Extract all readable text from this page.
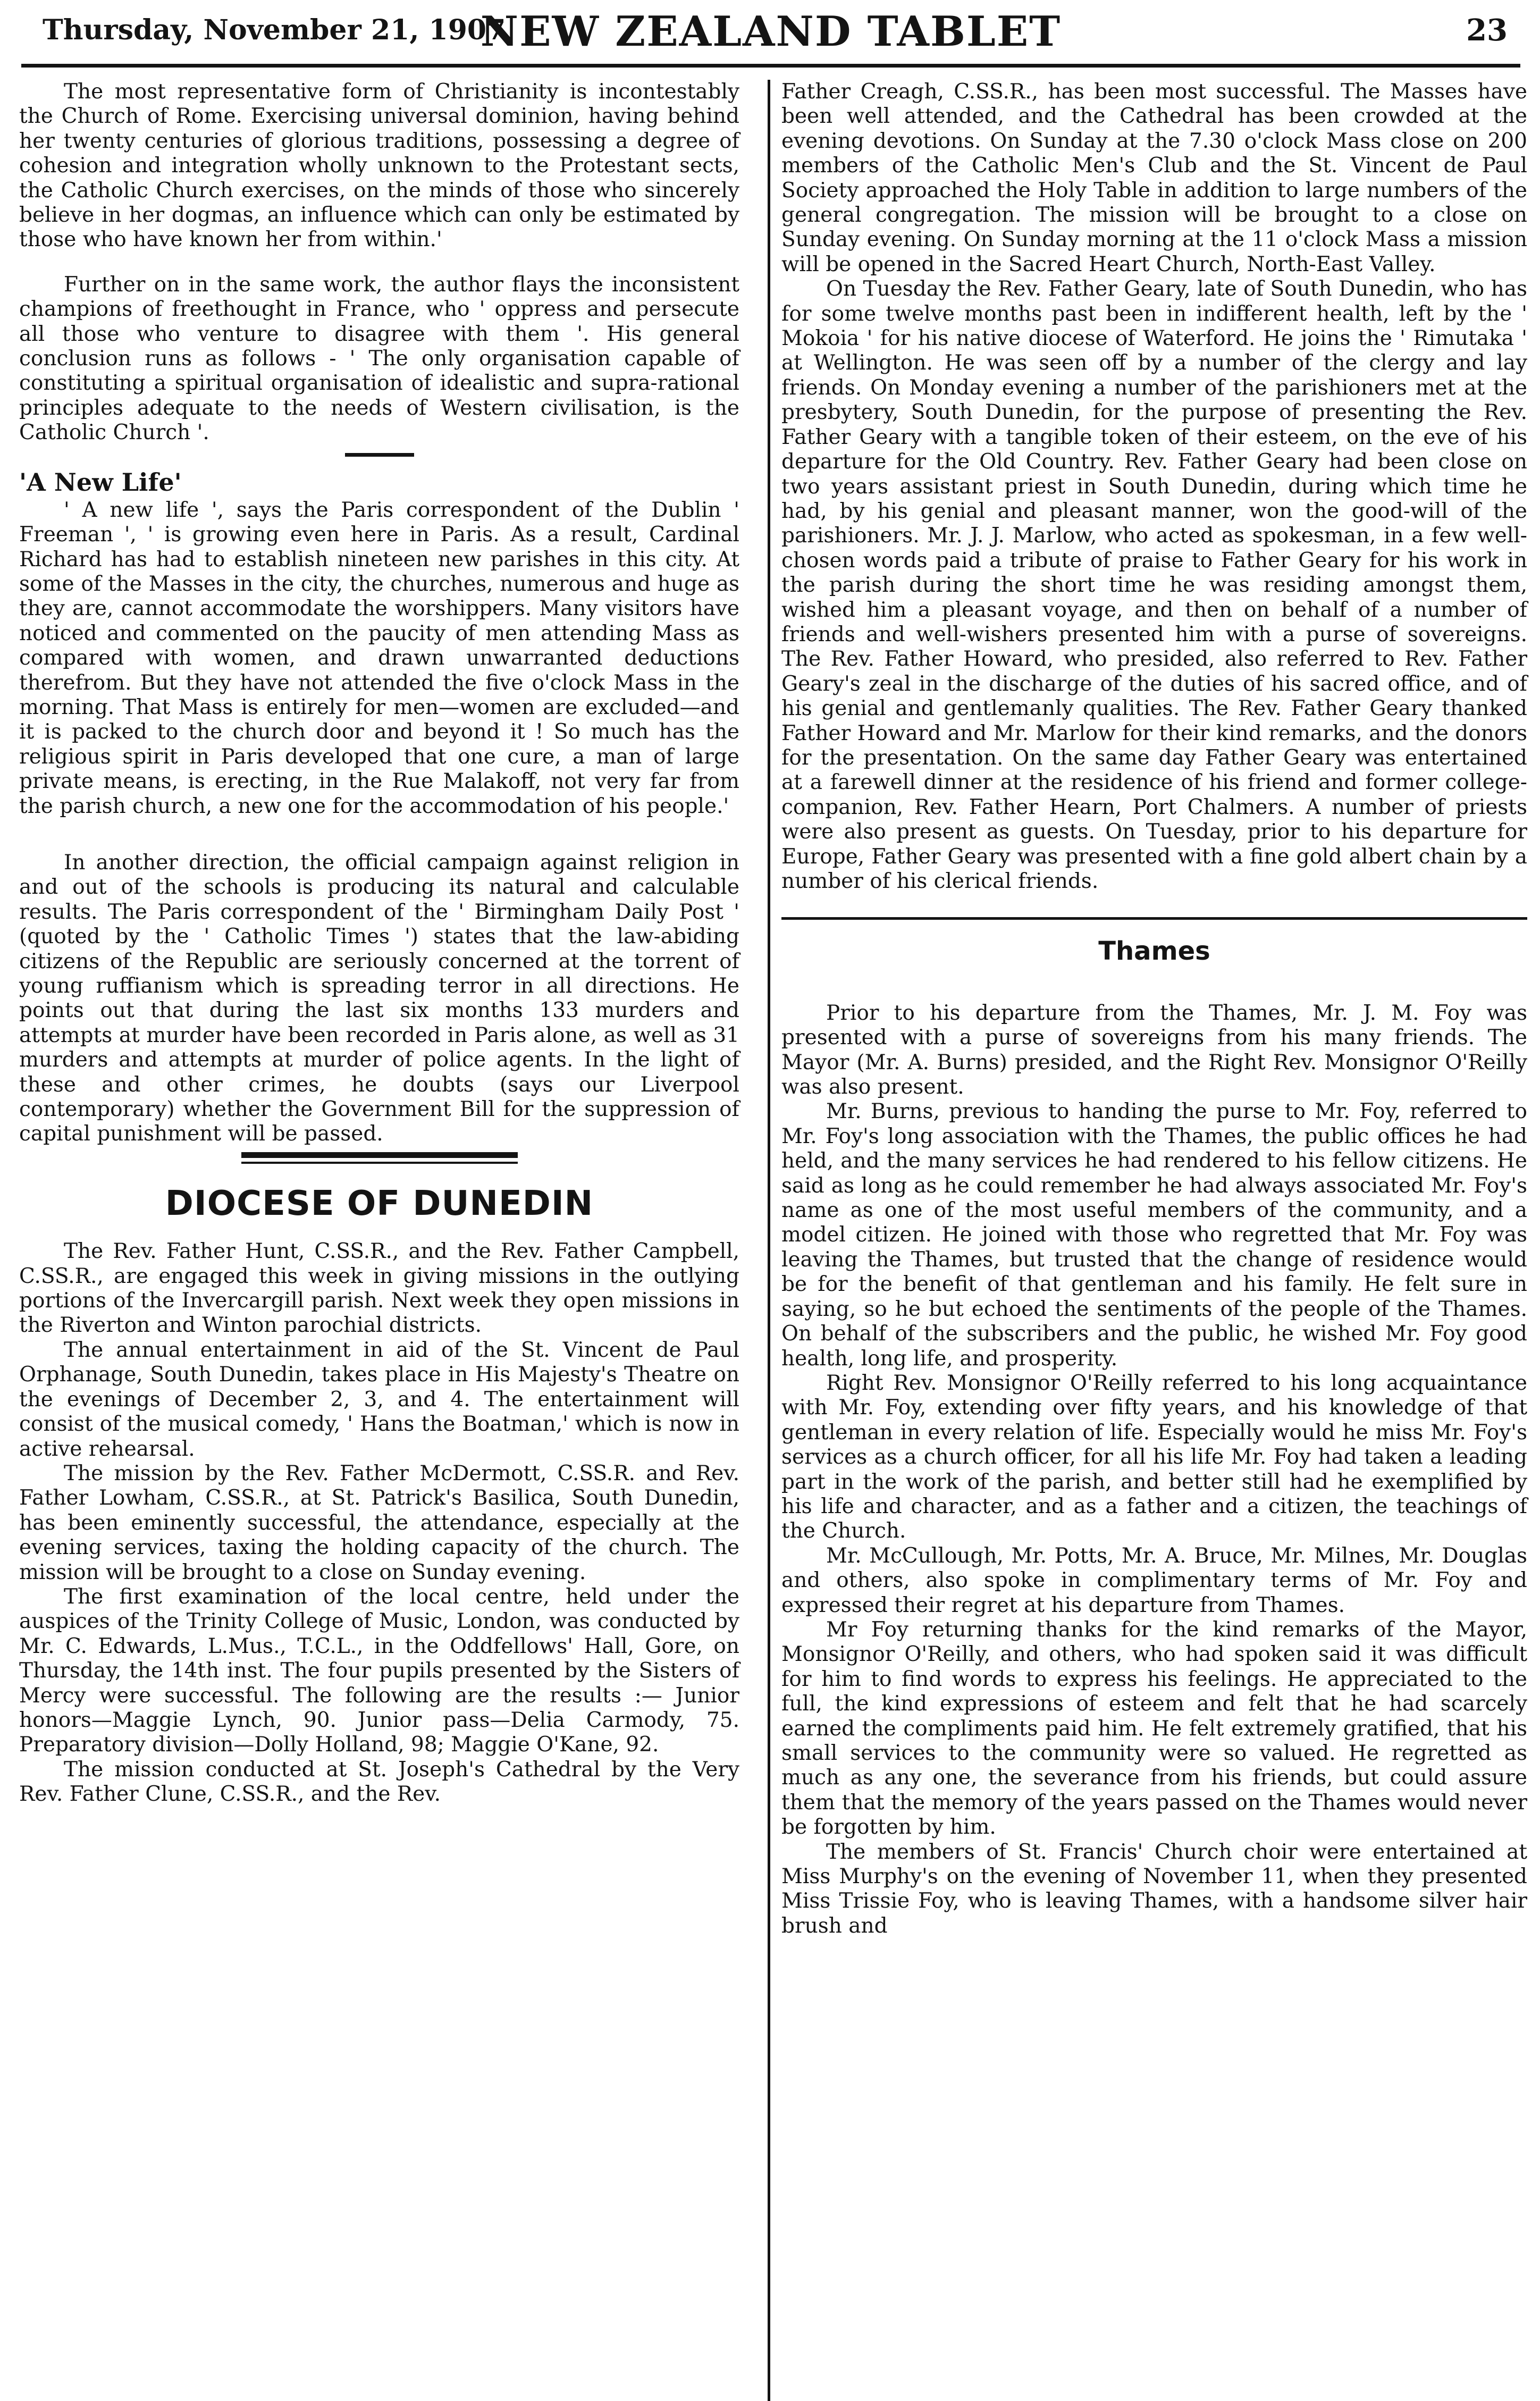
Thursday, November 21, 1907
NEW ZEALAND TABLET	23

The most representative form of Christianity is incontestably the Church of Rome. Exercising universal dominion, having behind her twenty centuries of glorious traditions, possessing a degree of cohesion and integration wholly unknown to the Protestant sects, the Catholic Church exercises, on the minds of those who sincerely believe in her dogmas, an influence which can only be estimated by those who have known her from within.'

Further on in the same work, the author flays the inconsistent champions of freethought in France, who ' oppress and persecute all those who venture to disagree with them '. His general conclusion runs as follows - ' The only organisation capable of constituting a spiritual organisation of idealistic and supra-rational principles adequate to the needs of Western civilisation, is the Catholic Church '.

'A New Life'

' A new life ', says the Paris correspondent of the Dublin ' Freeman ', ' is growing even here in Paris. As a result, Cardinal Richard has had to establish nineteen new parishes in this city. At some of the Masses in the city, the churches, numerous and huge as they are, cannot accommodate the worshippers. Many visitors have noticed and commented on the paucity of men attending Mass as compared with women, and drawn unwarranted deductions therefrom. But they have not attended the five o'clock Mass in the morning. That Mass is entirely for men—women are excluded—and it is packed to the church door and beyond it ! So much has the religious spirit in Paris developed that one cure, a man of large private means, is erecting, in the Rue Malakoff, not very far from the parish church, a new one for the accommodation of his people.'

In another direction, the official campaign against religion in and out of the schools is producing its natural and calculable results. The Paris correspondent of the ' Birmingham Daily Post ' (quoted by the ' Catholic Times ') states that the law-abiding citizens of the Republic are seriously concerned at the torrent of young ruffianism which is spreading terror in all directions. He points out that during the last six months 133 murders and attempts at murder have been recorded in Paris alone, as well as 31 murders and attempts at murder of police agents. In the light of these and other crimes, he doubts (says our Liverpool contemporary) whether the Government Bill for the suppression of capital punishment will be passed.

DIOCESE OF DUNEDIN

The Rev. Father Hunt, C.SS.R., and the Rev. Father Campbell, C.SS.R., are engaged this week in giving missions in the outlying portions of the Invercargill parish. Next week they open missions in the Riverton and Winton parochial districts.

The annual entertainment in aid of the St. Vincent de Paul Orphanage, South Dunedin, takes place in His Majesty's Theatre on the evenings of December 2, 3, and 4. The entertainment will consist of the musical comedy, ' Hans the Boatman,' which is now in active rehearsal.

The mission by the Rev. Father McDermott, C.SS.R. and Rev. Father Lowham, C.SS.R., at St. Patrick's Basilica, South Dunedin, has been eminently successful, the attendance, especially at the evening services, taxing the holding capacity of the church. The mission will be brought to a close on Sunday evening.

The first examination of the local centre, held under the auspices of the Trinity College of Music, London, was conducted by Mr. C. Edwards, L.Mus., T.C.L., in the Oddfellows' Hall, Gore, on Thursday, the 14th inst. The four pupils presented by the Sisters of Mercy were successful. The following are the results :— Junior honors—Maggie Lynch, 90. Junior pass—Delia Carmody, 75. Preparatory division—Dolly Holland, 98; Maggie O'Kane, 92.

The mission conducted at St. Joseph's Cathedral by the Very Rev. Father Clune, C.SS.R., and the Rev.

Father Creagh, C.SS.R., has been most successful. The Masses have been well attended, and the Cathedral has been crowded at the evening devotions. On Sunday at the 7.30 o'clock Mass close on 200 members of the Catholic Men's Club and the St. Vincent de Paul Society approached the Holy Table in addition to large numbers of the general congregation. The mission will be brought to a close on Sunday evening. On Sunday morning at the 11 o'clock Mass a mission will be opened in the Sacred Heart Church, North-East Valley.

On Tuesday the Rev. Father Geary, late of South Dunedin, who has for some twelve months past been in indifferent health, left by the ' Mokoia ' for his native diocese of Waterford. He joins the ' Rimutaka ' at Wellington. He was seen off by a number of the clergy and lay friends. On Monday evening a number of the parishioners met at the presbytery, South Dunedin, for the purpose of presenting the Rev. Father Geary with a tangible token of their esteem, on the eve of his departure for the Old Country. Rev. Father Geary had been close on two years assistant priest in South Dunedin, during which time he had, by his genial and pleasant manner, won the good-will of the parishioners. Mr. J. J. Marlow, who acted as spokesman, in a few well-chosen words paid a tribute of praise to Father Geary for his work in the parish during the short time he was residing amongst them, wished him a pleasant voyage, and then on behalf of a number of friends and well-wishers presented him with a purse of sovereigns. The Rev. Father Howard, who presided, also referred to Rev. Father Geary's zeal in the discharge of the duties of his sacred office, and of his genial and gentlemanly qualities. The Rev. Father Geary thanked Father Howard and Mr. Marlow for their kind remarks, and the donors for the presentation. On the same day Father Geary was entertained at a farewell dinner at the residence of his friend and former college-companion, Rev. Father Hearn, Port Chalmers. A number of priests were also present as guests. On Tuesday, prior to his departure for Europe, Father Geary was presented with a fine gold albert chain by a number of his clerical friends.

Thames

Prior to his departure from the Thames, Mr. J. M. Foy was presented with a purse of sovereigns from his many friends. The Mayor (Mr. A. Burns) presided, and the Right Rev. Monsignor O'Reilly was also present.

Mr. Burns, previous to handing the purse to Mr. Foy, referred to Mr. Foy's long association with the Thames, the public offices he had held, and the many services he had rendered to his fellow citizens. He said as long as he could remember he had always associated Mr. Foy's name as one of the most useful members of the community, and a model citizen. He joined with those who regretted that Mr. Foy was leaving the Thames, but trusted that the change of residence would be for the benefit of that gentleman and his family. He felt sure in saying, so he but echoed the sentiments of the people of the Thames. On behalf of the subscribers and the public, he wished Mr. Foy good health, long life, and prosperity.

Right Rev. Monsignor O'Reilly referred to his long acquaintance with Mr. Foy, extending over fifty years, and his knowledge of that gentleman in every relation of life. Especially would he miss Mr. Foy's services as a church officer, for all his life Mr. Foy had taken a leading part in the work of the parish, and better still had he exemplified by his life and character, and as a father and a citizen, the teachings of the Church.

Mr. McCullough, Mr. Potts, Mr. A. Bruce, Mr. Milnes, Mr. Douglas and others, also spoke in complimentary terms of Mr. Foy and expressed their regret at his departure from Thames.

Mr Foy returning thanks for the kind remarks of the Mayor, Monsignor O'Reilly, and others, who had spoken said it was difficult for him to find words to express his feelings. He appreciated to the full, the kind expressions of esteem and felt that he had scarcely earned the compliments paid him. He felt extremely gratified, that his small services to the community were so valued. He regretted as much as any one, the severance from his friends, but could assure them that the memory of the years passed on the Thames would never be forgotten by him.

The members of St. Francis' Church choir were entertained at Miss Murphy's on the evening of November 11, when they presented Miss Trissie Foy, who is leaving Thames, with a handsome silver hair brush and
